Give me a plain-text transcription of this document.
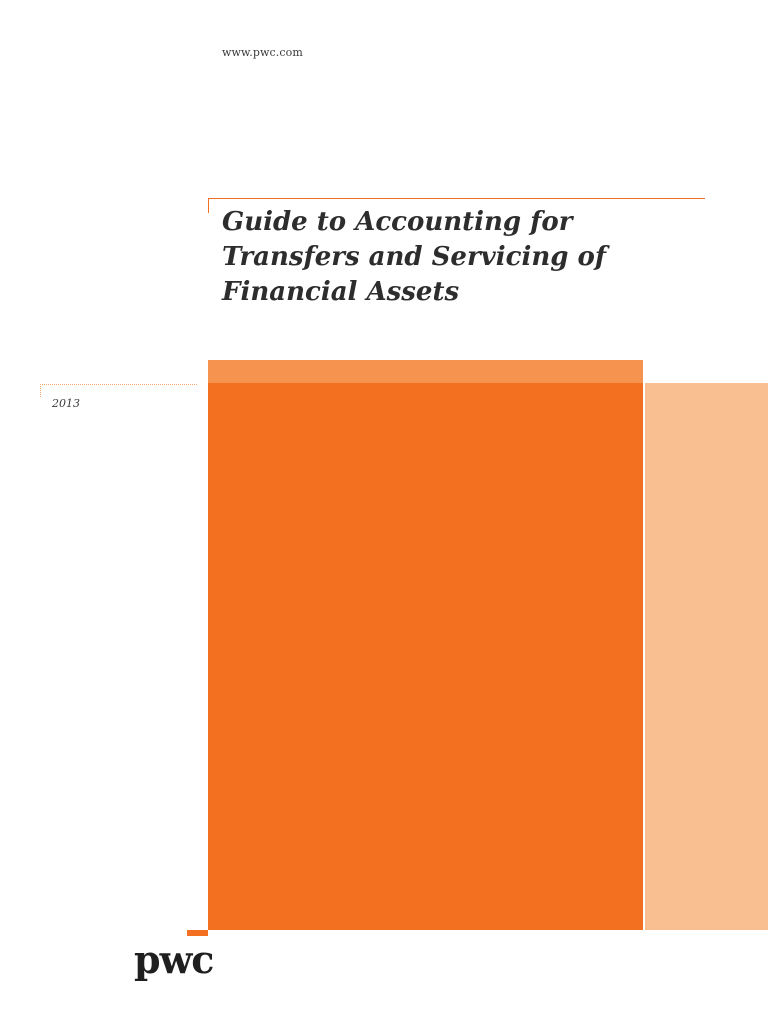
www.pwc.com
Guide to Accounting for
Transfers and Servicing of
Financial Assets
2013
pwc
